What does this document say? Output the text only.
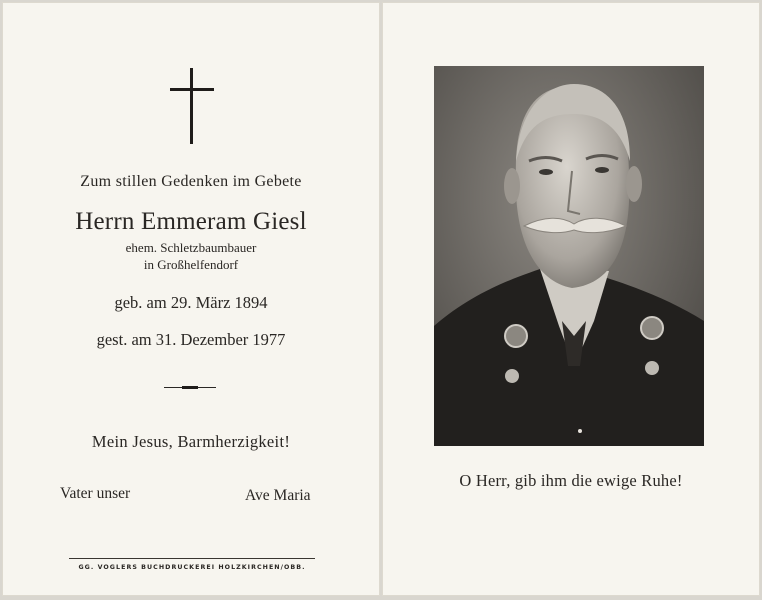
Zum stillen Gedenken im Gebete
Herrn Emmeram Giesl
ehem. Schletzbaumbauer
in Großhelfendorf
geb. am 29. März 1894
gest. am 31. Dezember 1977
Mein Jesus, Barmherzigkeit!
Vater unser	Ave Maria
GG. VOGLERS BUCHDRUCKEREI HOLZKIRCHEN/OBB.
O Herr, gib ihm die ewige Ruhe!
